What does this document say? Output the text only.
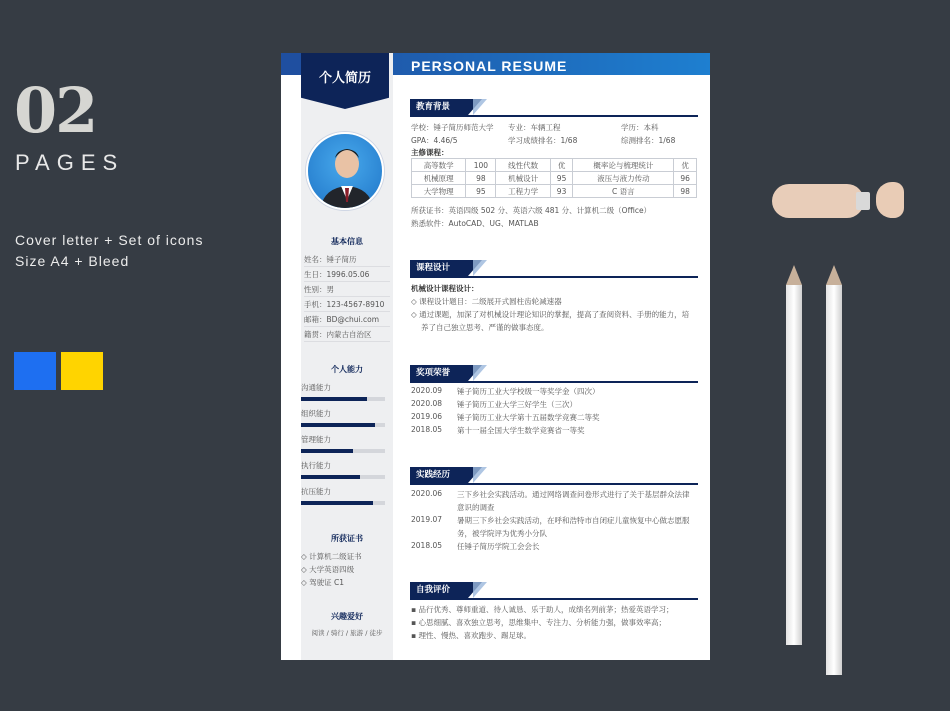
02
PAGES
Cover letter + Set of icons
Size A4 + Bleed
PERSONAL RESUME
个人简历
基本信息
姓名：锤子简历
生日：1996.05.06
性别：男
手机：123-4567-8910
邮箱：BD@chui.com
籍贯：内蒙古自治区
个人能力
沟通能力
组织能力
管理能力
执行能力
抗压能力
所获证书
◇ 计算机二级证书
◇ 大学英语四级
◇ 驾驶证 C1
兴趣爱好
阅读 / 骑行 / 旅游 / 徒步
教育背景
学校：锤子简历师范大学 专业：车辆工程	学历：本科
GPA：4.46/5	学习成绩排名：1/68	综测排名：1/68
主修课程：
高等数学	100	线性代数	优	概率论与梳理统计	优
机械原理	98	机械设计	95	液压与液力传动	96
大学物理	95	工程力学	93	C 语言	98
所获证书：英语四级 502 分、英语六级 481 分、计算机二级（Office）
熟悉软件：AutoCAD、UG、MATLAB
课程设计
机械设计课程设计：
◇ 课程设计题目：二级展开式圆柱齿轮减速器
◇ 通过课题，加深了对机械设计理论知识的掌握，提高了查阅资料、手册的能力，培
养了自己独立思考、严谨的做事态度。
奖项荣誉
2020.09 锤子简历工业大学校级一等奖学金（四次）
2020.08 锤子简历工业大学三好学生（三次）
2019.06 锤子简历工业大学第十五届数学竞赛二等奖
2018.05 第十一届全国大学生数学竞赛省一等奖
实践经历
2020.06 三下乡社会实践活动。通过网络调查问卷形式进行了关于基层群众法律
意识的调查
2019.07 暑期三下乡社会实践活动，在呼和浩特市自闭症儿童恢复中心做志愿服
务，被学院评为优秀小分队
2018.05 任锤子简历学院工会会长
自我评价
▪ 品行优秀、尊师重道、待人诚恳、乐于助人，成绩名列前茅；热爱英语学习；
▪ 心思细腻、喜欢独立思考，思维集中、专注力、分析能力强，做事效率高；
▪ 理性、慢热、喜欢跑步、踢足球。
